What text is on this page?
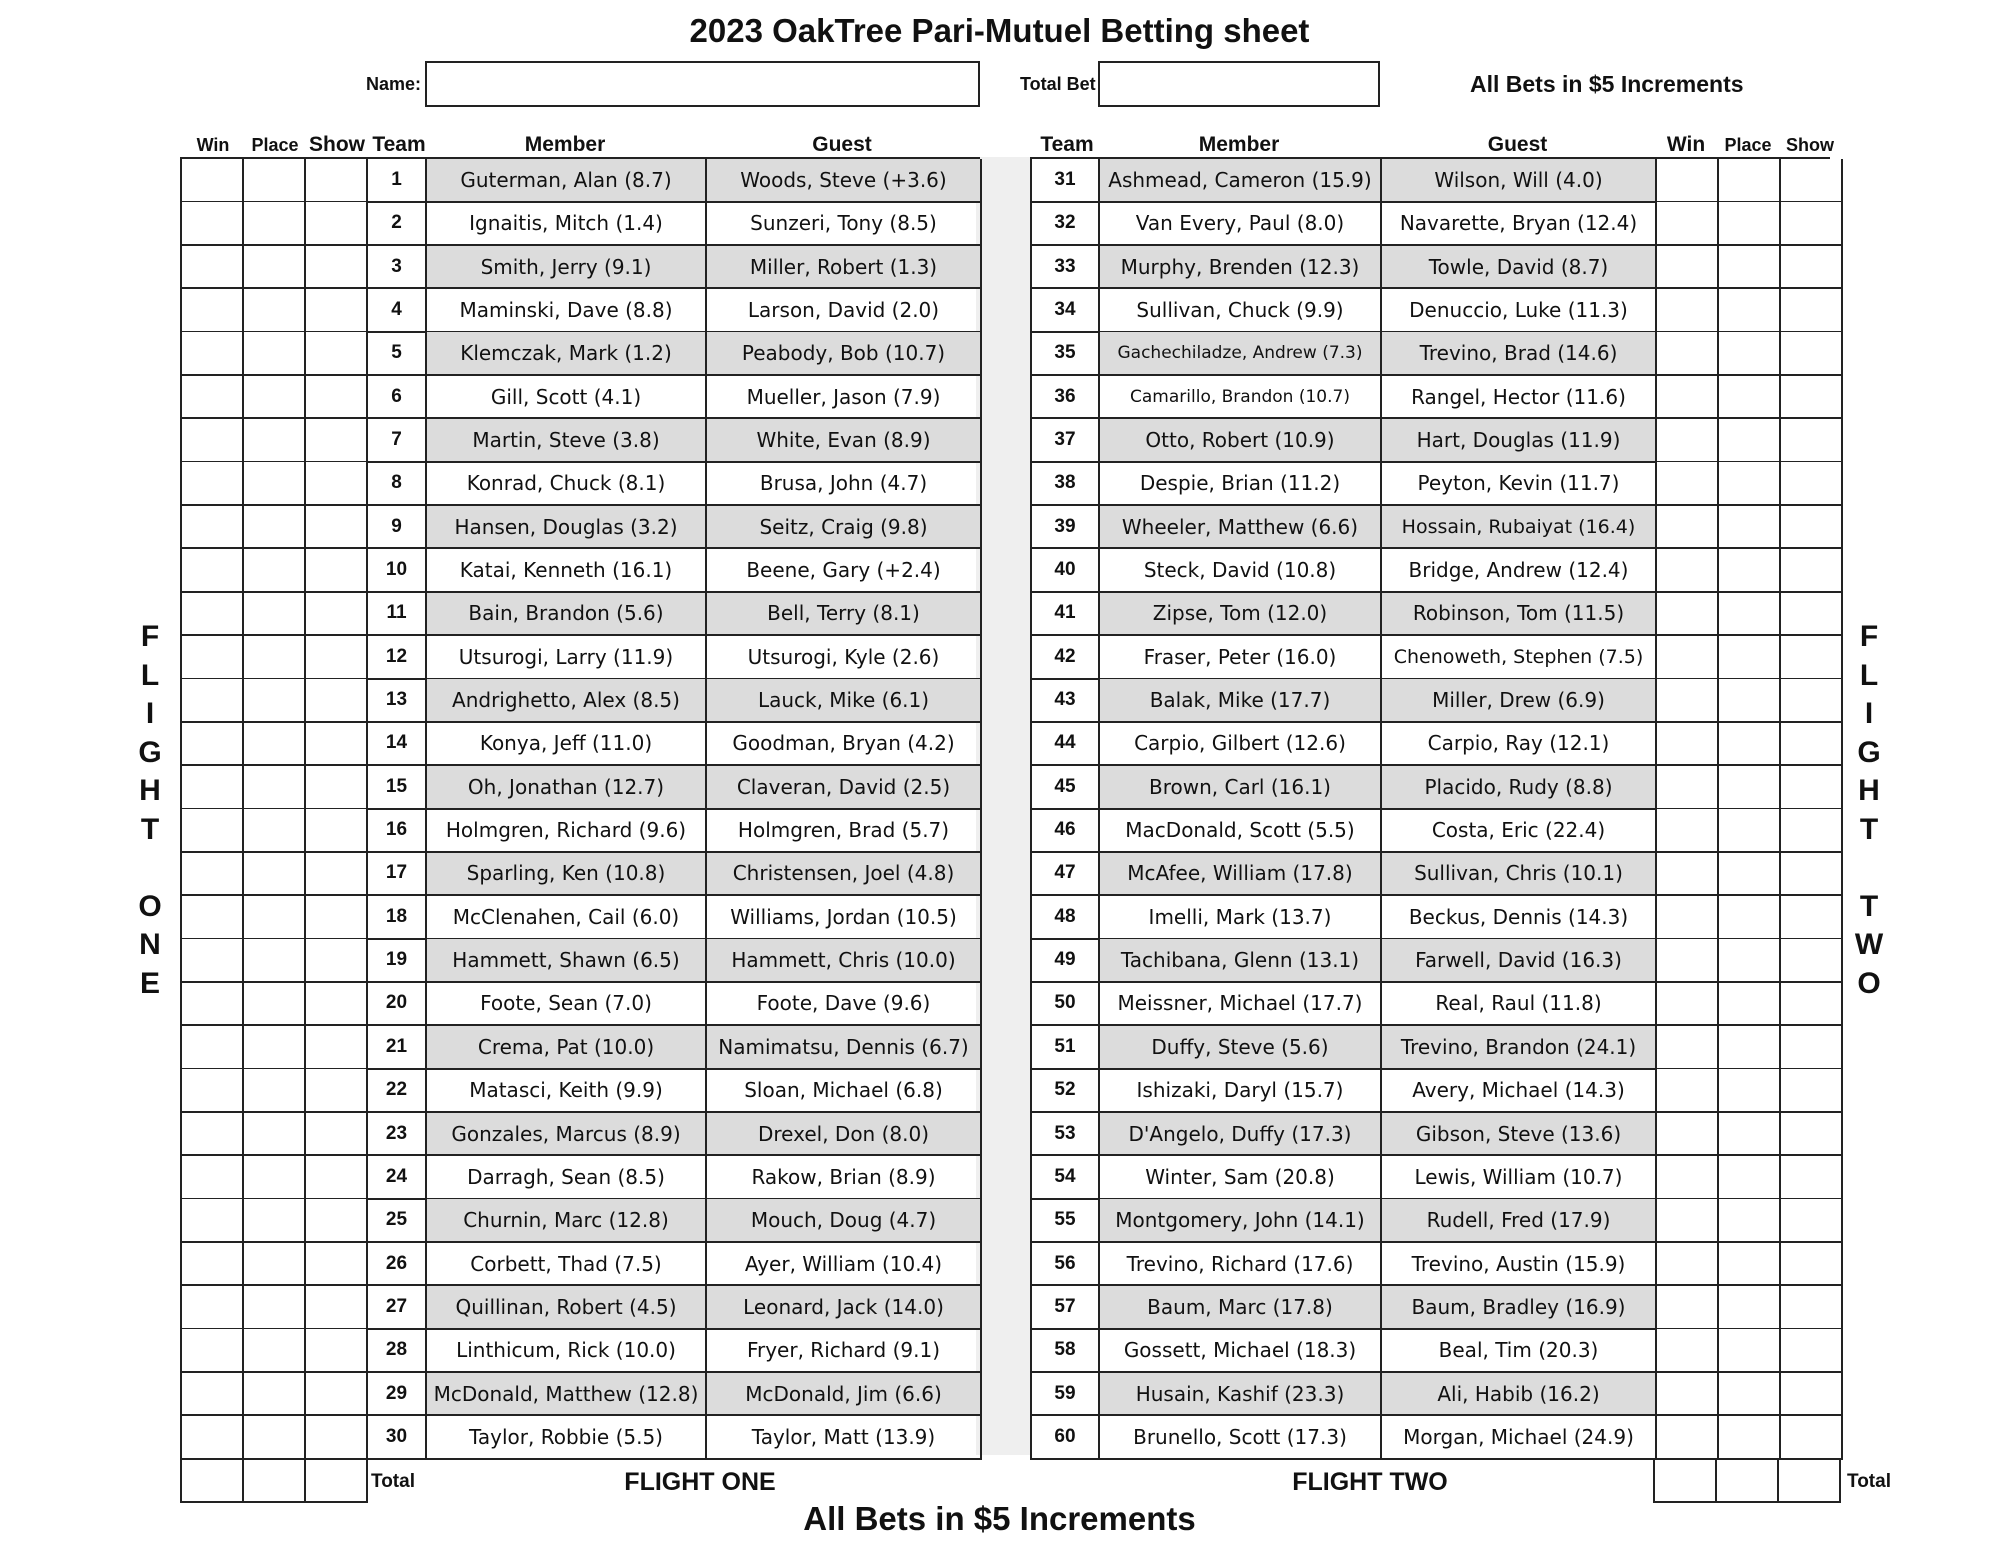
2023 OakTree Pari-Mutuel Betting sheet
Name:	Total Bet	All Bets in $5 Increments
Win	Place Show Team	Member	Guest	Team	Member	Guest	Win	Place Show
F
L
I
G
H
T
O
N
E
F
L
I
G
H
T
T
W
O
1	Guterman, Alan (8.7)	Woods, Steve (+3.6)
2	Ignaitis, Mitch (1.4)	Sunzeri, Tony (8.5)
3	Smith, Jerry (9.1)	Miller, Robert (1.3)
4	Maminski, Dave (8.8)	Larson, David (2.0)
5	Klemczak, Mark (1.2)	Peabody, Bob (10.7)
6	Gill, Scott (4.1)	Mueller, Jason (7.9)
7	Martin, Steve (3.8)	White, Evan (8.9)
8	Konrad, Chuck (8.1)	Brusa, John (4.7)
9	Hansen, Douglas (3.2)	Seitz, Craig (9.8)
10	Katai, Kenneth (16.1)	Beene, Gary (+2.4)
11	Bain, Brandon (5.6)	Bell, Terry (8.1)
12	Utsurogi, Larry (11.9)	Utsurogi, Kyle (2.6)
13	Andrighetto, Alex (8.5)	Lauck, Mike (6.1)
14	Konya, Jeff (11.0)	Goodman, Bryan (4.2)
15	Oh, Jonathan (12.7)	Claveran, David (2.5)
16	Holmgren, Richard (9.6)	Holmgren, Brad (5.7)
17	Sparling, Ken (10.8)	Christensen, Joel (4.8)
18	McClenahen, Cail (6.0)	Williams, Jordan (10.5)
19	Hammett, Shawn (6.5)	Hammett, Chris (10.0)
20	Foote, Sean (7.0)	Foote, Dave (9.6)
21	Crema, Pat (10.0)	Namimatsu, Dennis (6.7)
22	Matasci, Keith (9.9)	Sloan, Michael (6.8)
23	Gonzales, Marcus (8.9)	Drexel, Don (8.0)
24	Darragh, Sean (8.5)	Rakow, Brian (8.9)
25	Churnin, Marc (12.8)	Mouch, Doug (4.7)
26	Corbett, Thad (7.5)	Ayer, William (10.4)
27	Quillinan, Robert (4.5)	Leonard, Jack (14.0)
28	Linthicum, Rick (10.0)	Fryer, Richard (9.1)
29	McDonald, Matthew (12.8)	McDonald, Jim (6.6)
30	Taylor, Robbie (5.5)	Taylor, Matt (13.9)
31	Ashmead, Cameron (15.9)	Wilson, Will (4.0)
32	Van Every, Paul (8.0)	Navarette, Bryan (12.4)
33	Murphy, Brenden (12.3)	Towle, David (8.7)
34	Sullivan, Chuck (9.9)	Denuccio, Luke (11.3)
35	Gachechiladze, Andrew (7.3)	Trevino, Brad (14.6)
36	Camarillo, Brandon (10.7)	Rangel, Hector (11.6)
37	Otto, Robert (10.9)	Hart, Douglas (11.9)
38	Despie, Brian (11.2)	Peyton, Kevin (11.7)
39	Wheeler, Matthew (6.6)	Hossain, Rubaiyat (16.4)
40	Steck, David (10.8)	Bridge, Andrew (12.4)
41	Zipse, Tom (12.0)	Robinson, Tom (11.5)
42	Fraser, Peter (16.0)	Chenoweth, Stephen (7.5)
43	Balak, Mike (17.7)	Miller, Drew (6.9)
44	Carpio, Gilbert (12.6)	Carpio, Ray (12.1)
45	Brown, Carl (16.1)	Placido, Rudy (8.8)
46	MacDonald, Scott (5.5)	Costa, Eric (22.4)
47	McAfee, William (17.8)	Sullivan, Chris (10.1)
48	Imelli, Mark (13.7)	Beckus, Dennis (14.3)
49	Tachibana, Glenn (13.1)	Farwell, David (16.3)
50	Meissner, Michael (17.7)	Real, Raul (11.8)
51	Duffy, Steve (5.6)	Trevino, Brandon (24.1)
52	Ishizaki, Daryl (15.7)	Avery, Michael (14.3)
53	D'Angelo, Duffy (17.3)	Gibson, Steve (13.6)
54	Winter, Sam (20.8)	Lewis, William (10.7)
55	Montgomery, John (14.1)	Rudell, Fred (17.9)
56	Trevino, Richard (17.6)	Trevino, Austin (15.9)
57	Baum, Marc (17.8)	Baum, Bradley (16.9)
58	Gossett, Michael (18.3)	Beal, Tim (20.3)
59	Husain, Kashif (23.3)	Ali, Habib (16.2)
60	Brunello, Scott (17.3)	Morgan, Michael (24.9)
Total	FLIGHT ONE	FLIGHT TWO	Total
All Bets in $5 Increments
